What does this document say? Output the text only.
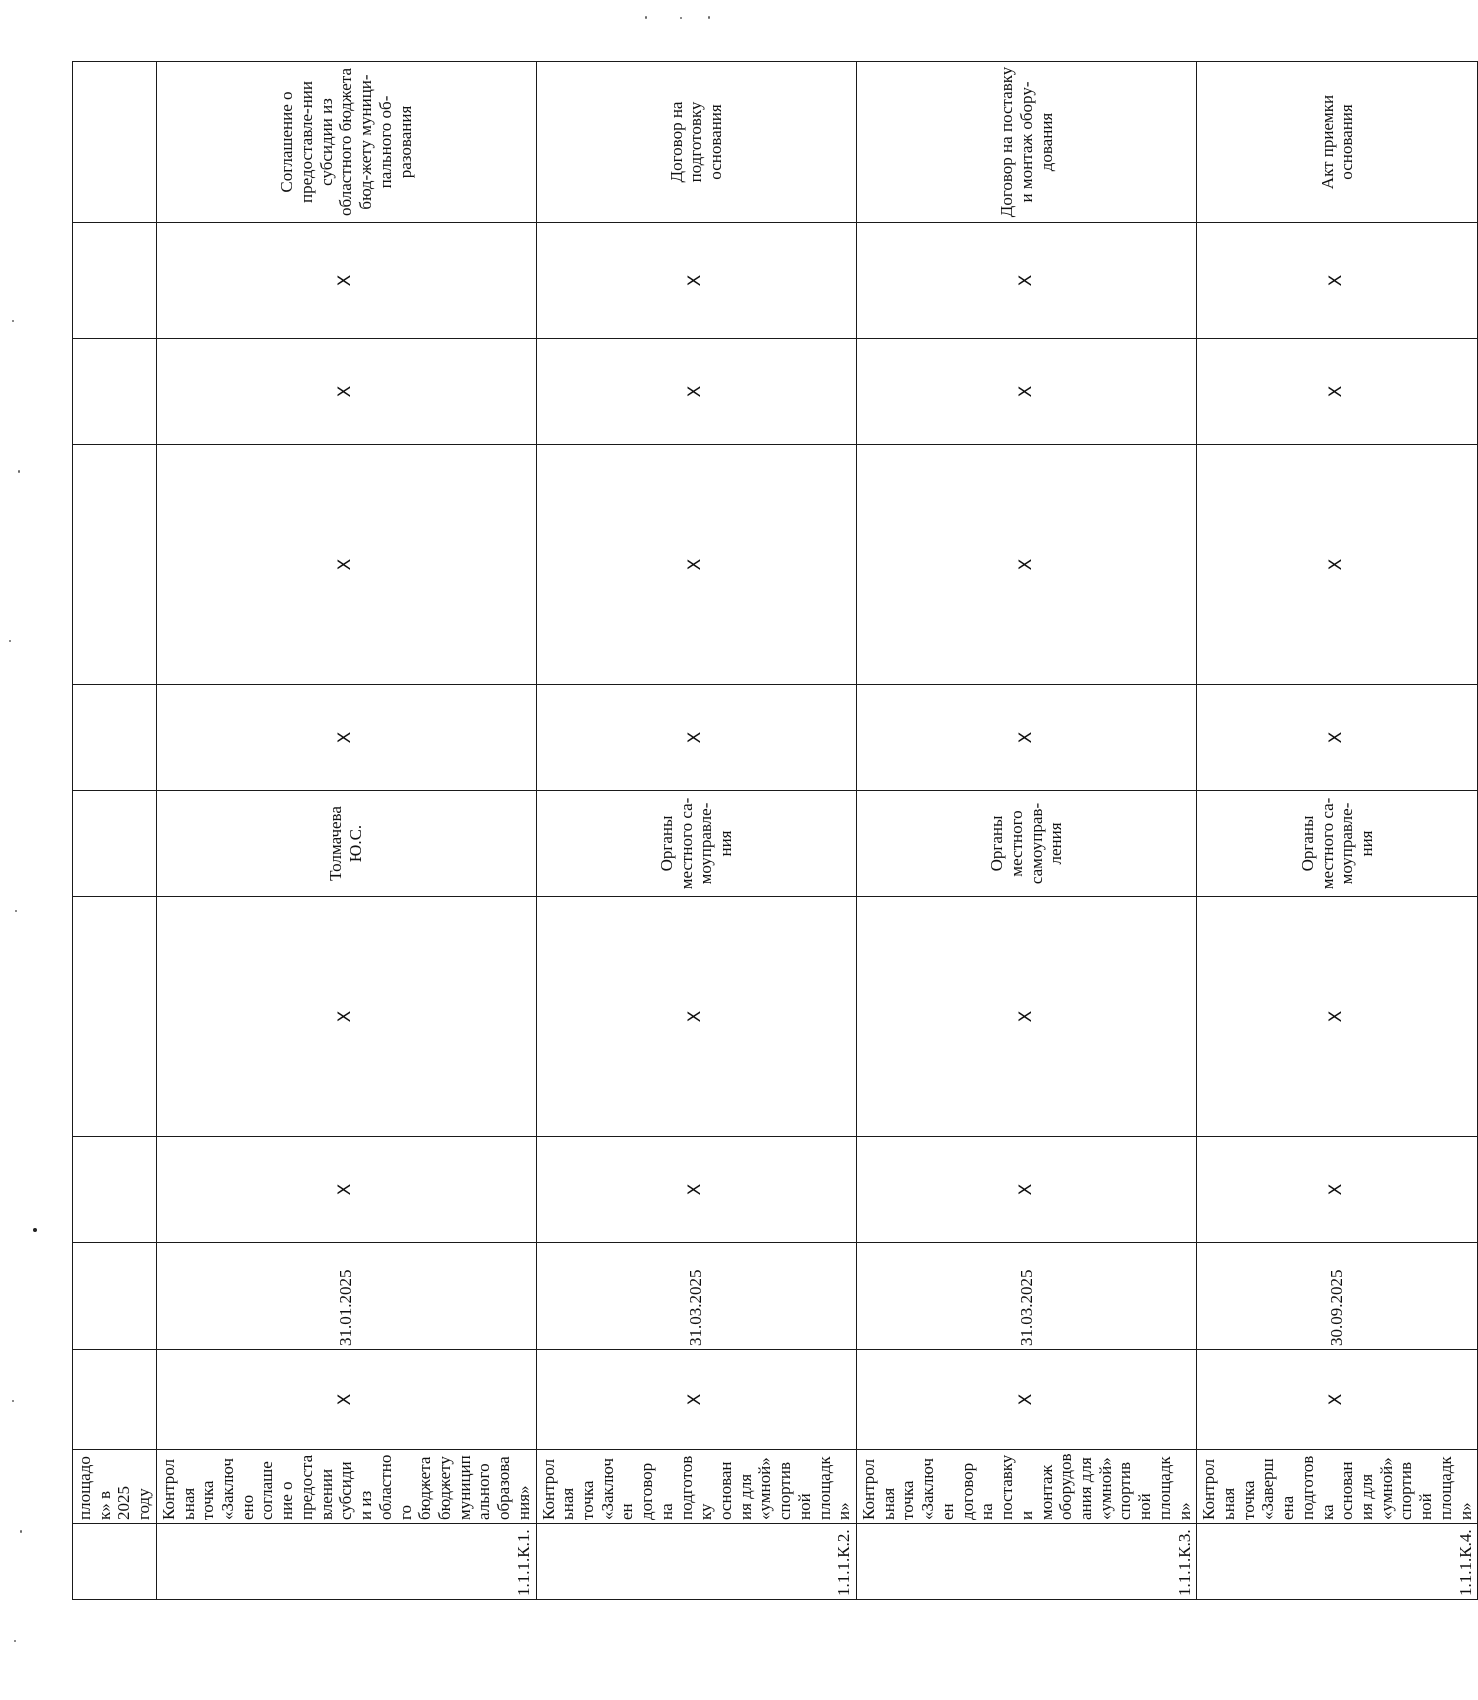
	площадок» в 2025 году										
1.1.1.К.1.	Контрольная точка «Заключено соглашение о предоставлении субсидии из областного бюджета бюджету муниципального образования»	X	31.01.2025	X	X	Толмачева Ю.С.	X	X	X	X	Соглашение о предоставле-нии субсидии из областного бюджета бюд-жету муници-пального об-разования
1.1.1.К.2.	Контрольная точка «Заключен договор на подготовку основания для «умной» спортивной площадки»	X	31.03.2025	X	X	Органы местного са-моуправле-ния	X	X	X	X	Договор на подготовку основания
1.1.1.К.3.	Контрольная точка «Заключен договор на поставку и монтаж оборудования для «умной» спортивной площадки»	X	31.03.2025	X	X	Органы местного самоуправ-ления	X	X	X	X	Договор на поставку и монтаж обору-дования
1.1.1.К.4.	Контрольная точка «Завершена подготовка основания для «умной» спортивной площадки»	X	30.09.2025	X	X	Органы местного са-моуправле-ния	X	X	X	X	Акт приемки основания
